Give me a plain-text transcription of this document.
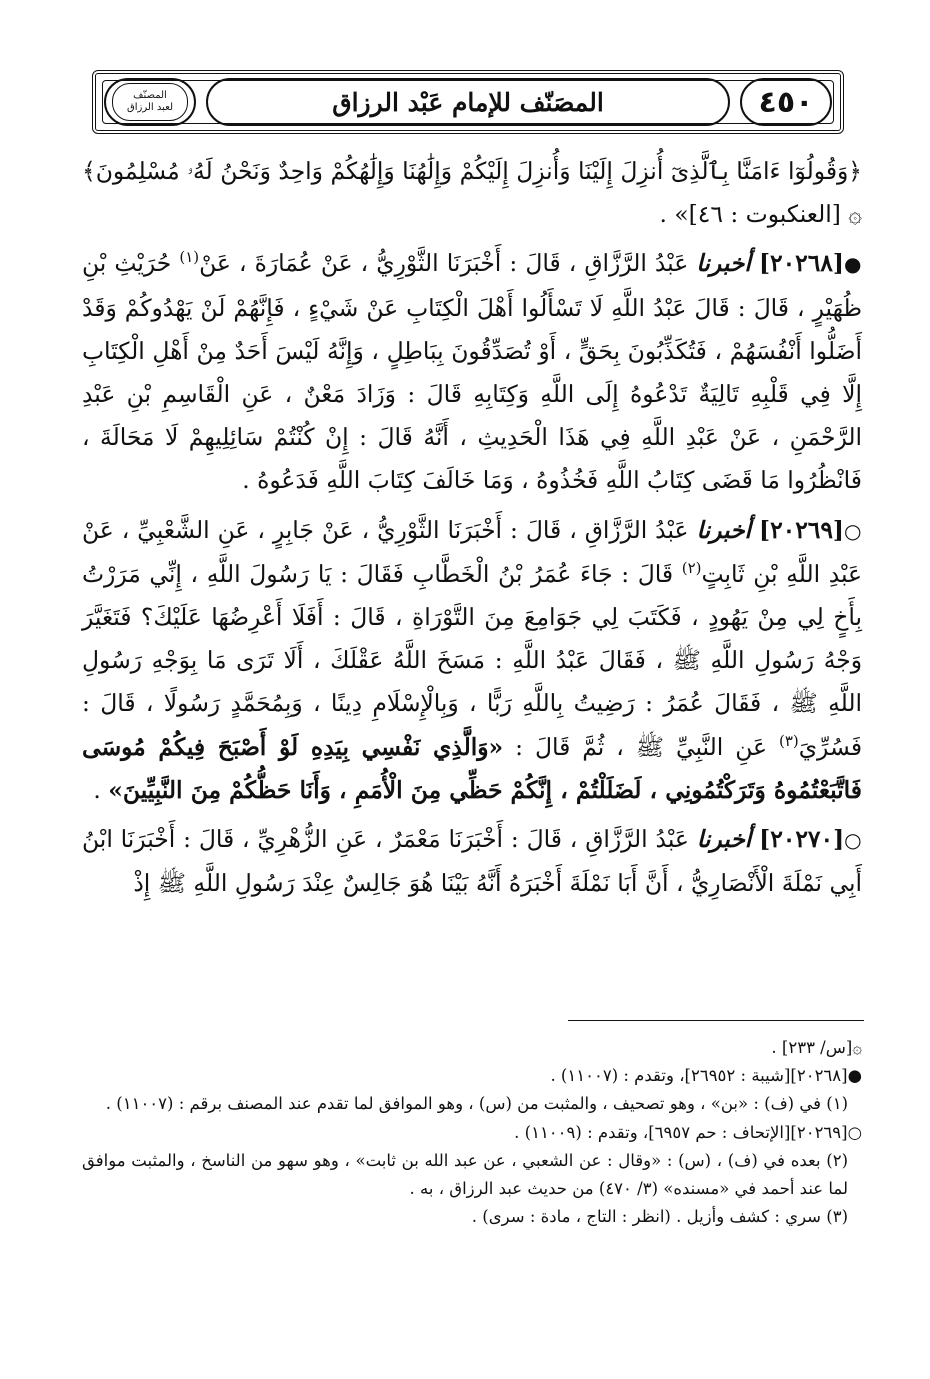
٤٥٠
المصَنّف للإمام عَبْد الرزاق
المصنّف
لعبد الرزاق

﴿وَقُولُوٓا ءَامَنَّا بِٱلَّذِىٓ أُنزِلَ إِلَيْنَا وَأُنزِلَ إِلَيْكُمْ وَإِلَٰهُنَا وَإِلَٰهُكُمْ وَاحِدٌ وَنَحْنُ لَهُۥ مُسْلِمُونَ﴾ ۞ [العنكبوت : ٤٦]» .

●[٢٠٢٦٨] أخبرنا عَبْدُ الرَّزَّاقِ ، قَالَ : أَخْبَرَنَا الثَّوْرِيُّ ، عَنْ عُمَارَةَ ، عَنْ$^{(١)}$ حُرَيْثِ بْنِ ظُهَيْرٍ ، قَالَ : قَالَ عَبْدُ اللَّهِ لَا تَسْأَلُوا أَهْلَ الْكِتَابِ عَنْ شَيْءٍ ، فَإِنَّهُمْ لَنْ يَهْدُوكُمْ وَقَدْ أَضَلُّوا أَنْفُسَهُمْ ، فَتُكَذِّبُونَ بِحَقٍّ ، أَوْ تُصَدِّقُونَ بِبَاطِلٍ ، وَإِنَّهُ لَيْسَ أَحَدٌ مِنْ أَهْلِ الْكِتَابِ إِلَّا فِي قَلْبِهِ تَالِيَةٌ تَدْعُوهُ إِلَى اللَّهِ وَكِتَابِهِ قَالَ : وَزَادَ مَعْنٌ ، عَنِ الْقَاسِمِ بْنِ عَبْدِ الرَّحْمَنِ ، عَنْ عَبْدِ اللَّهِ فِي هَذَا الْحَدِيثِ ، أَنَّهُ قَالَ : إِنْ كُنْتُمْ سَائِلِيهِمْ لَا مَحَالَةَ ، فَانْظُرُوا مَا قَضَى كِتَابُ اللَّهِ فَخُذُوهُ ، وَمَا خَالَفَ كِتَابَ اللَّهِ فَدَعُوهُ .

○[٢٠٢٦٩] أخبرنا عَبْدُ الرَّزَّاقِ ، قَالَ : أَخْبَرَنَا الثَّوْرِيُّ ، عَنْ جَابِرٍ ، عَنِ الشَّعْبِيِّ ، عَنْ عَبْدِ اللَّهِ بْنِ ثَابِتٍ$^{(٢)}$ قَالَ : جَاءَ عُمَرُ بْنُ الْخَطَّابِ فَقَالَ : يَا رَسُولَ اللَّهِ ، إِنِّي مَرَرْتُ بِأَخٍ لِي مِنْ يَهُودٍ ، فَكَتَبَ لِي جَوَامِعَ مِنَ التَّوْرَاةِ ، قَالَ : أَفَلَا أَعْرِضُهَا عَلَيْكَ؟ فَتَغَيَّرَ وَجْهُ رَسُولِ اللَّهِ ﷺ ، فَقَالَ عَبْدُ اللَّهِ : مَسَخَ اللَّهُ عَقْلَكَ ، أَلَا تَرَى مَا بِوَجْهِ رَسُولِ اللَّهِ ﷺ ، فَقَالَ عُمَرُ : رَضِيتُ بِاللَّهِ رَبًّا ، وَبِالْإِسْلَامِ دِينًا ، وَبِمُحَمَّدٍ رَسُولًا ، قَالَ : فَسُرِّيَ$^{(٣)}$ عَنِ النَّبِيِّ ﷺ ، ثُمَّ قَالَ : «وَالَّذِي نَفْسِي بِيَدِهِ لَوْ أَصْبَحَ فِيكُمْ مُوسَى فَاتَّبَعْتُمُوهُ وَتَرَكْتُمُونِي ، لَضَلَلْتُمْ ، إِنَّكُمْ حَظِّي مِنَ الْأُمَمِ ، وَأَنَا حَظُّكُمْ مِنَ النَّبِيِّينَ» .

○[٢٠٢٧٠] أخبرنا عَبْدُ الرَّزَّاقِ ، قَالَ : أَخْبَرَنَا مَعْمَرٌ ، عَنِ الزُّهْرِيِّ ، قَالَ : أَخْبَرَنَا ابْنُ أَبِي نَمْلَةَ الْأَنْصَارِيُّ ، أَنَّ أَبَا نَمْلَةَ أَخْبَرَهُ أَنَّهُ بَيْنَا هُوَ جَالِسٌ عِنْدَ رَسُولِ اللَّهِ ﷺ إِذْ

۞[س/ ٢٣٣] .

●[٢٠٢٦٨][شيبة : ٢٦٩٥٢]، وتقدم : (١١٠٠٧) .

(١) في (ف) : «بن» ، وهو تصحيف ، والمثبت من (س) ، وهو الموافق لما تقدم عند المصنف برقم : (١١٠٠٧) .

○[٢٠٢٦٩][الإتحاف : حم ٦٩٥٧]، وتقدم : (١١٠٠٩) .

(٢) بعده في (ف) ، (س) : «وقال : عن الشعبي ، عن عبد الله بن ثابت» ، وهو سهو من الناسخ ، والمثبت موافق لما عند أحمد في «مسنده» (٣/ ٤٧٠) من حديث عبد الرزاق ، به .

(٣) سري : كشف وأزيل . (انظر : التاج ، مادة : سرى) .
